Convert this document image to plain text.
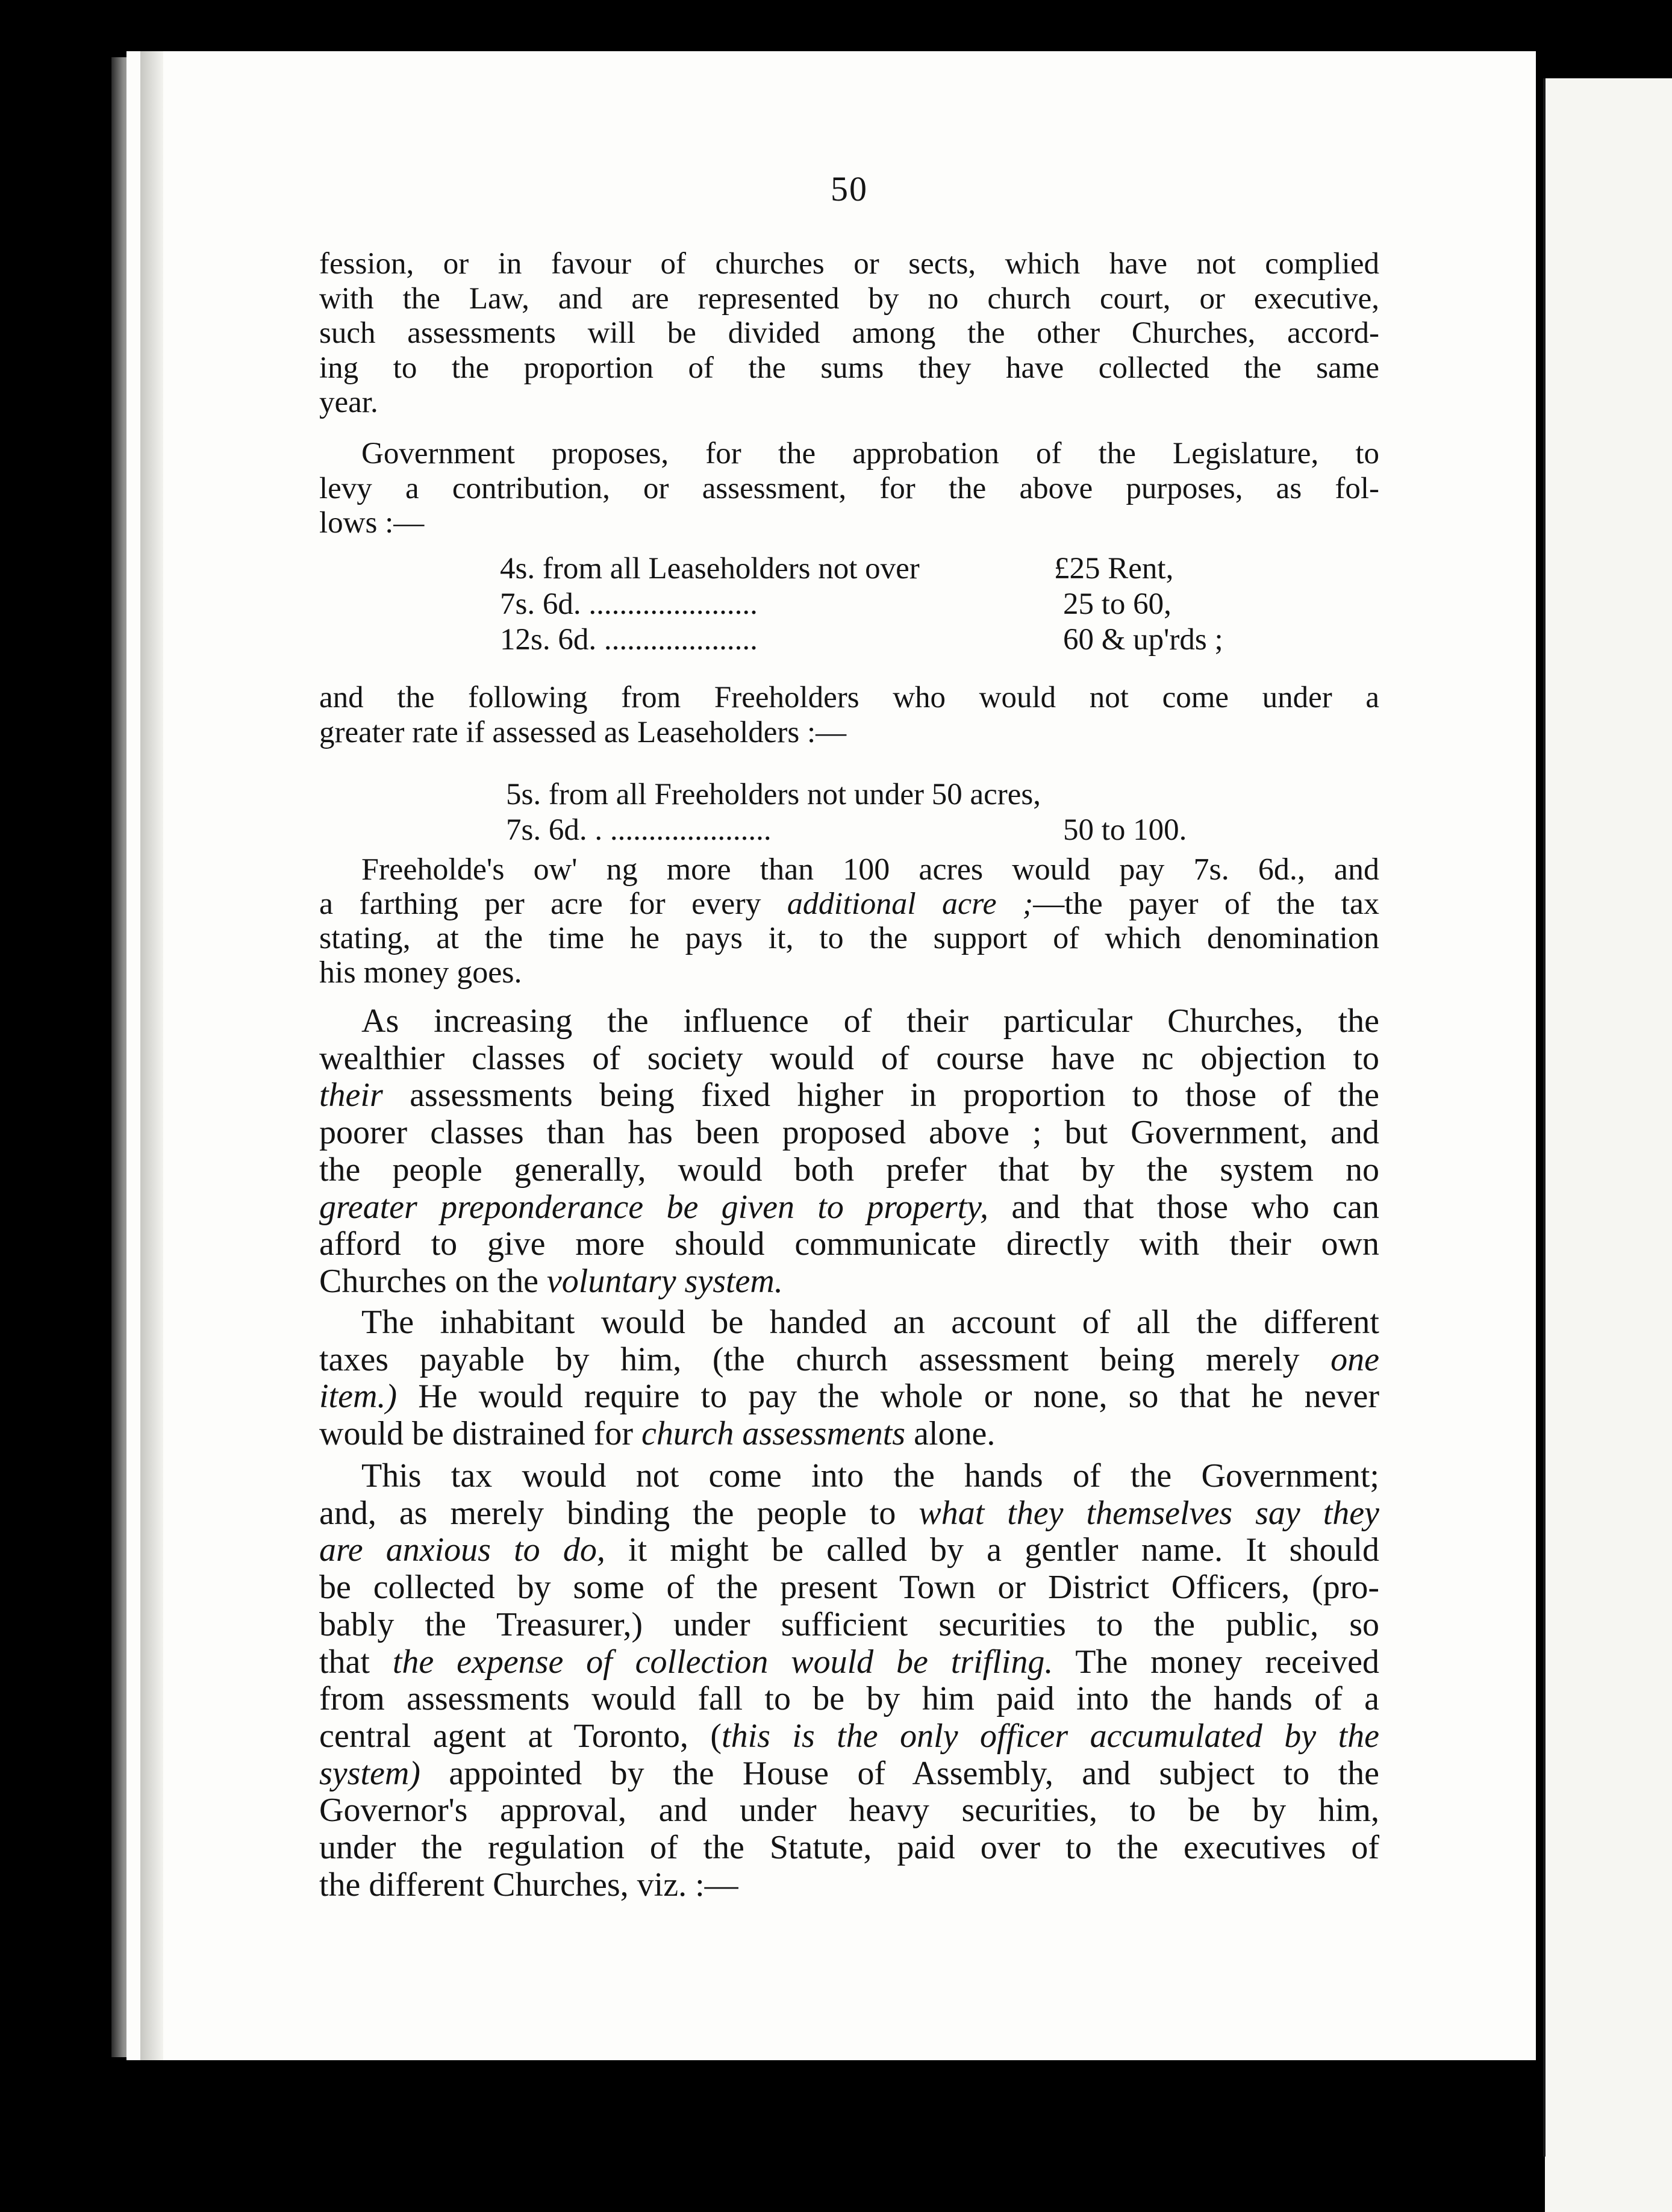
50
fession, or in favour of churches or sects, which have not complied
with the Law, and are represented by no church court, or executive,
such assessments will be divided among the other Churches, accord-
ing to the proportion of the sums they have collected the same
year.
Government proposes, for the approbation of the Legislature, to
levy a contribution, or assessment, for the above purposes, as fol-
lows :—
4s. from all Leaseholders not over	£25 Rent,
7s. 6d. ......................	25 to 60,
12s. 6d. ....................	60 & up'rds ;
and the following from Freeholders who would not come under a
greater rate if assessed as Leaseholders :—
5s. from all Freeholders not under 50 acres,
7s. 6d. . .....................	50 to 100.
Freeholde's ow' ng more than 100 acres would pay 7s. 6d., and
a farthing per acre for every additional acre ;—the payer of the tax
stating, at the time he pays it, to the support of which denomination
his money goes.
As increasing the influence of their particular Churches, the
wealthier classes of society would of course have nc objection to
their assessments being fixed higher in proportion to those of the
poorer classes than has been proposed above ; but Government, and
the people generally, would both prefer that by the system no
greater preponderance be given to property, and that those who can
afford to give more should communicate directly with their own
Churches on the voluntary system.
The inhabitant would be handed an account of all the different
taxes payable by him, (the church assessment being merely one
item.) He would require to pay the whole or none, so that he never
would be distrained for church assessments alone.
This tax would not come into the hands of the Government;
and, as merely binding the people to what they themselves say they
are anxious to do, it might be called by a gentler name. It should
be collected by some of the present Town or District Officers, (pro-
bably the Treasurer,) under sufficient securities to the public, so
that the expense of collection would be trifling. The money received
from assessments would fall to be by him paid into the hands of a
central agent at Toronto, (this is the only officer accumulated by the
system) appointed by the House of Assembly, and subject to the
Governor's approval, and under heavy securities, to be by him,
under the regulation of the Statute, paid over to the executives of
the different Churches, viz. :—
